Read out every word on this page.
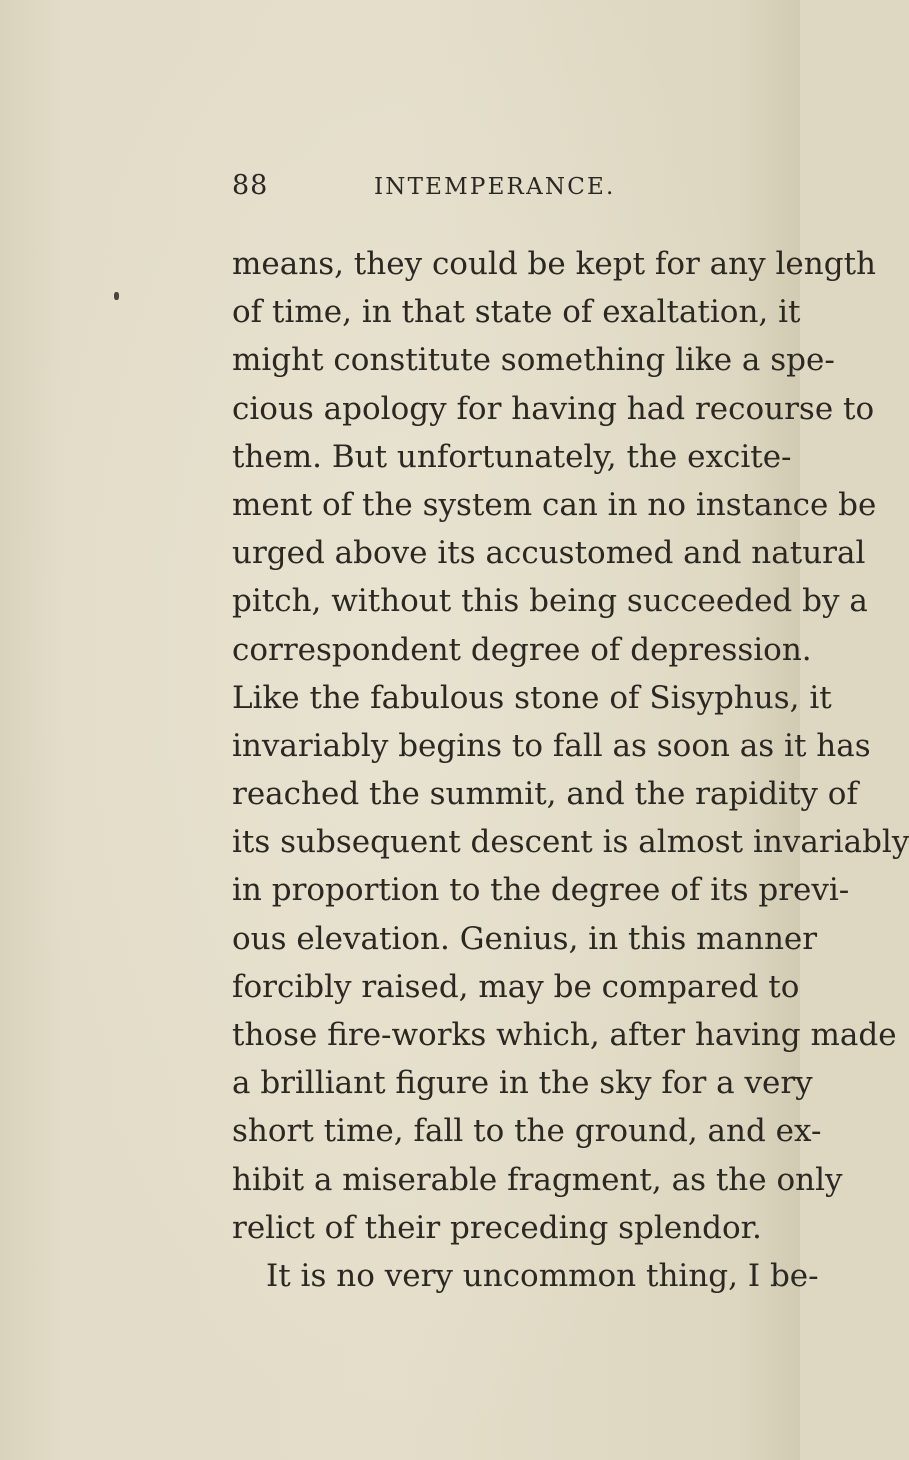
88	INTEMPERANCE.
means, they could be kept for any length
of time, in that state of exaltation, it
might constitute something like a spe-
cious apology for having had recourse to
them. But unfortunately, the excite-
ment of the system can in no instance be
urged above its accustomed and natural
pitch, without this being succeeded by a
correspondent degree of depression.
Like the fabulous stone of Sisyphus, it
invariably begins to fall as soon as it has
reached the summit, and the rapidity of
its subsequent descent is almost invariably
in proportion to the degree of its previ-
ous elevation. Genius, in this manner
forcibly raised, may be compared to
those fire-works which, after having made
a brilliant figure in the sky for a very
short time, fall to the ground, and ex-
hibit a miserable fragment, as the only
relict of their preceding splendor.
It is no very uncommon thing, I be-
